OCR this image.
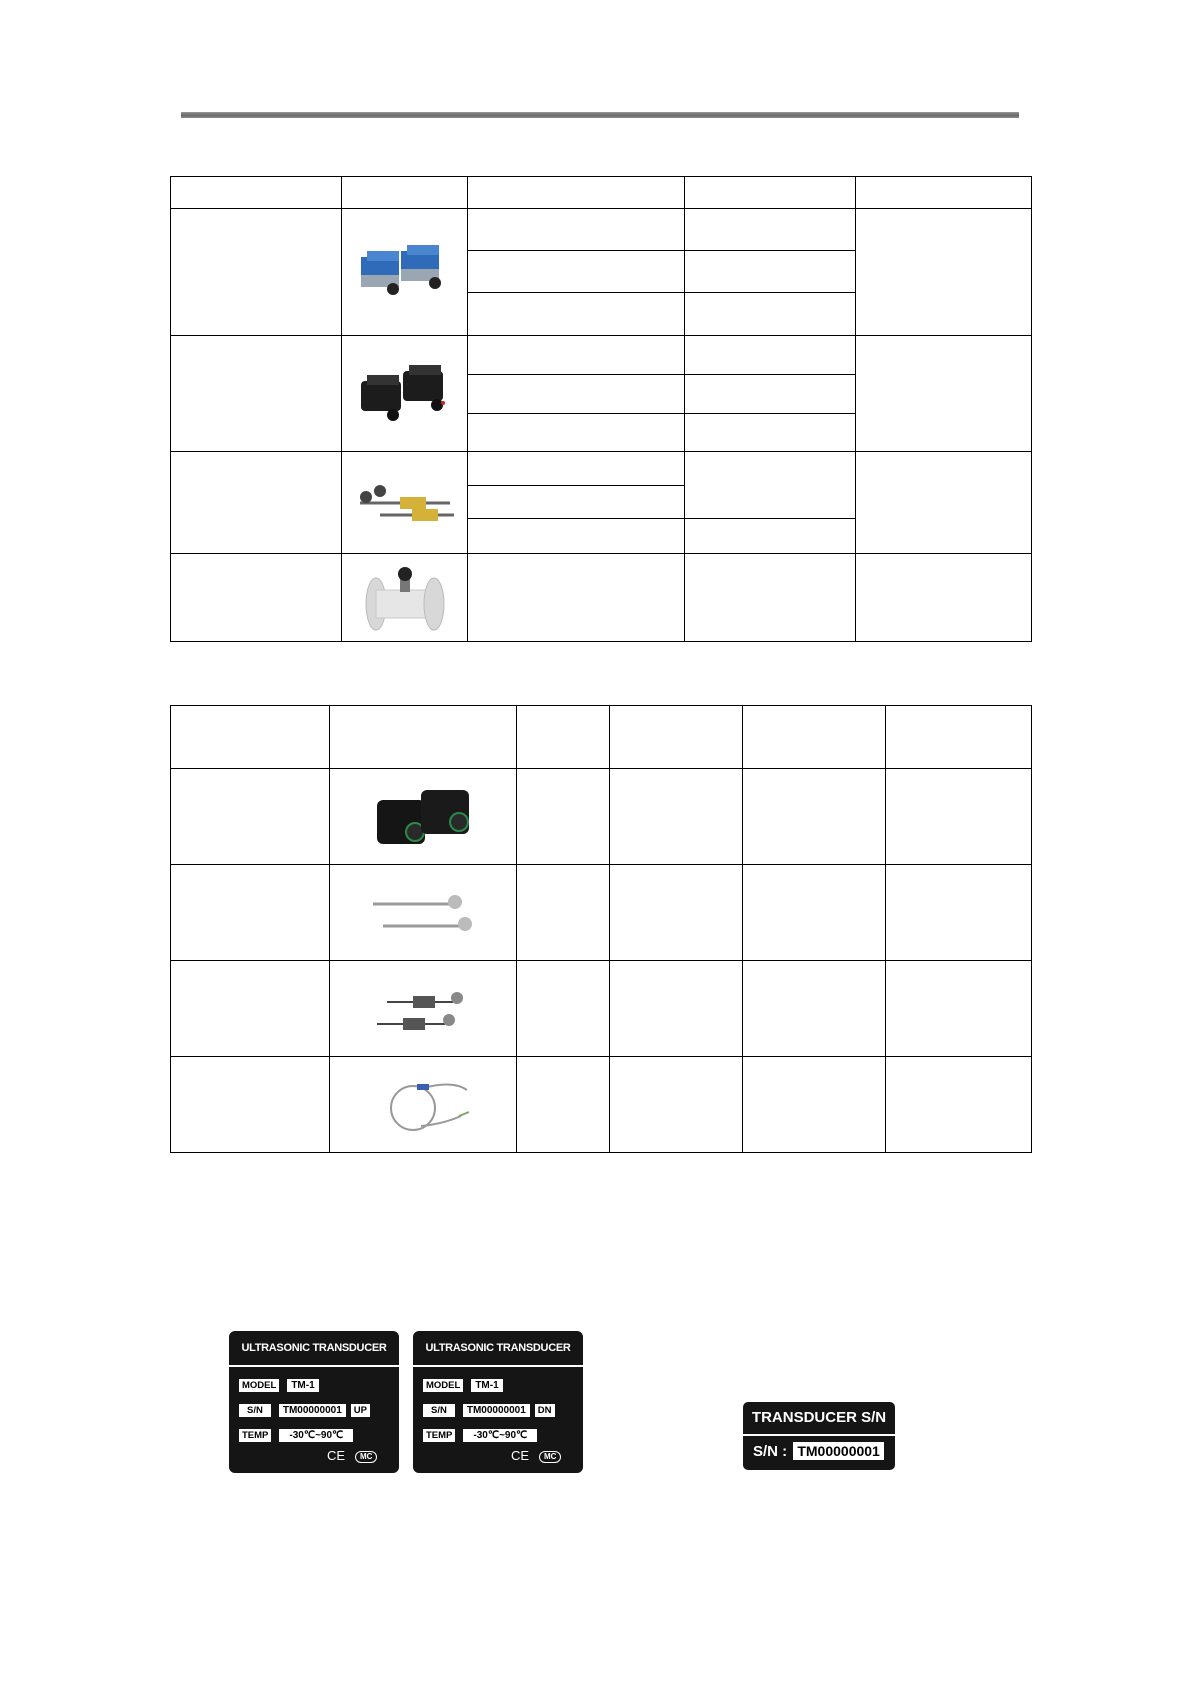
ULTRASONIC TRANSDUCER
MODEL TM-1
S/N TM00000001 UP
TEMP -30℃~90℃
CE	MC
ULTRASONIC TRANSDUCER
MODEL TM-1
S/N TM00000001 DN
TEMP -30℃~90℃
CE	MC
TRANSDUCER S/N
S/N : TM00000001
